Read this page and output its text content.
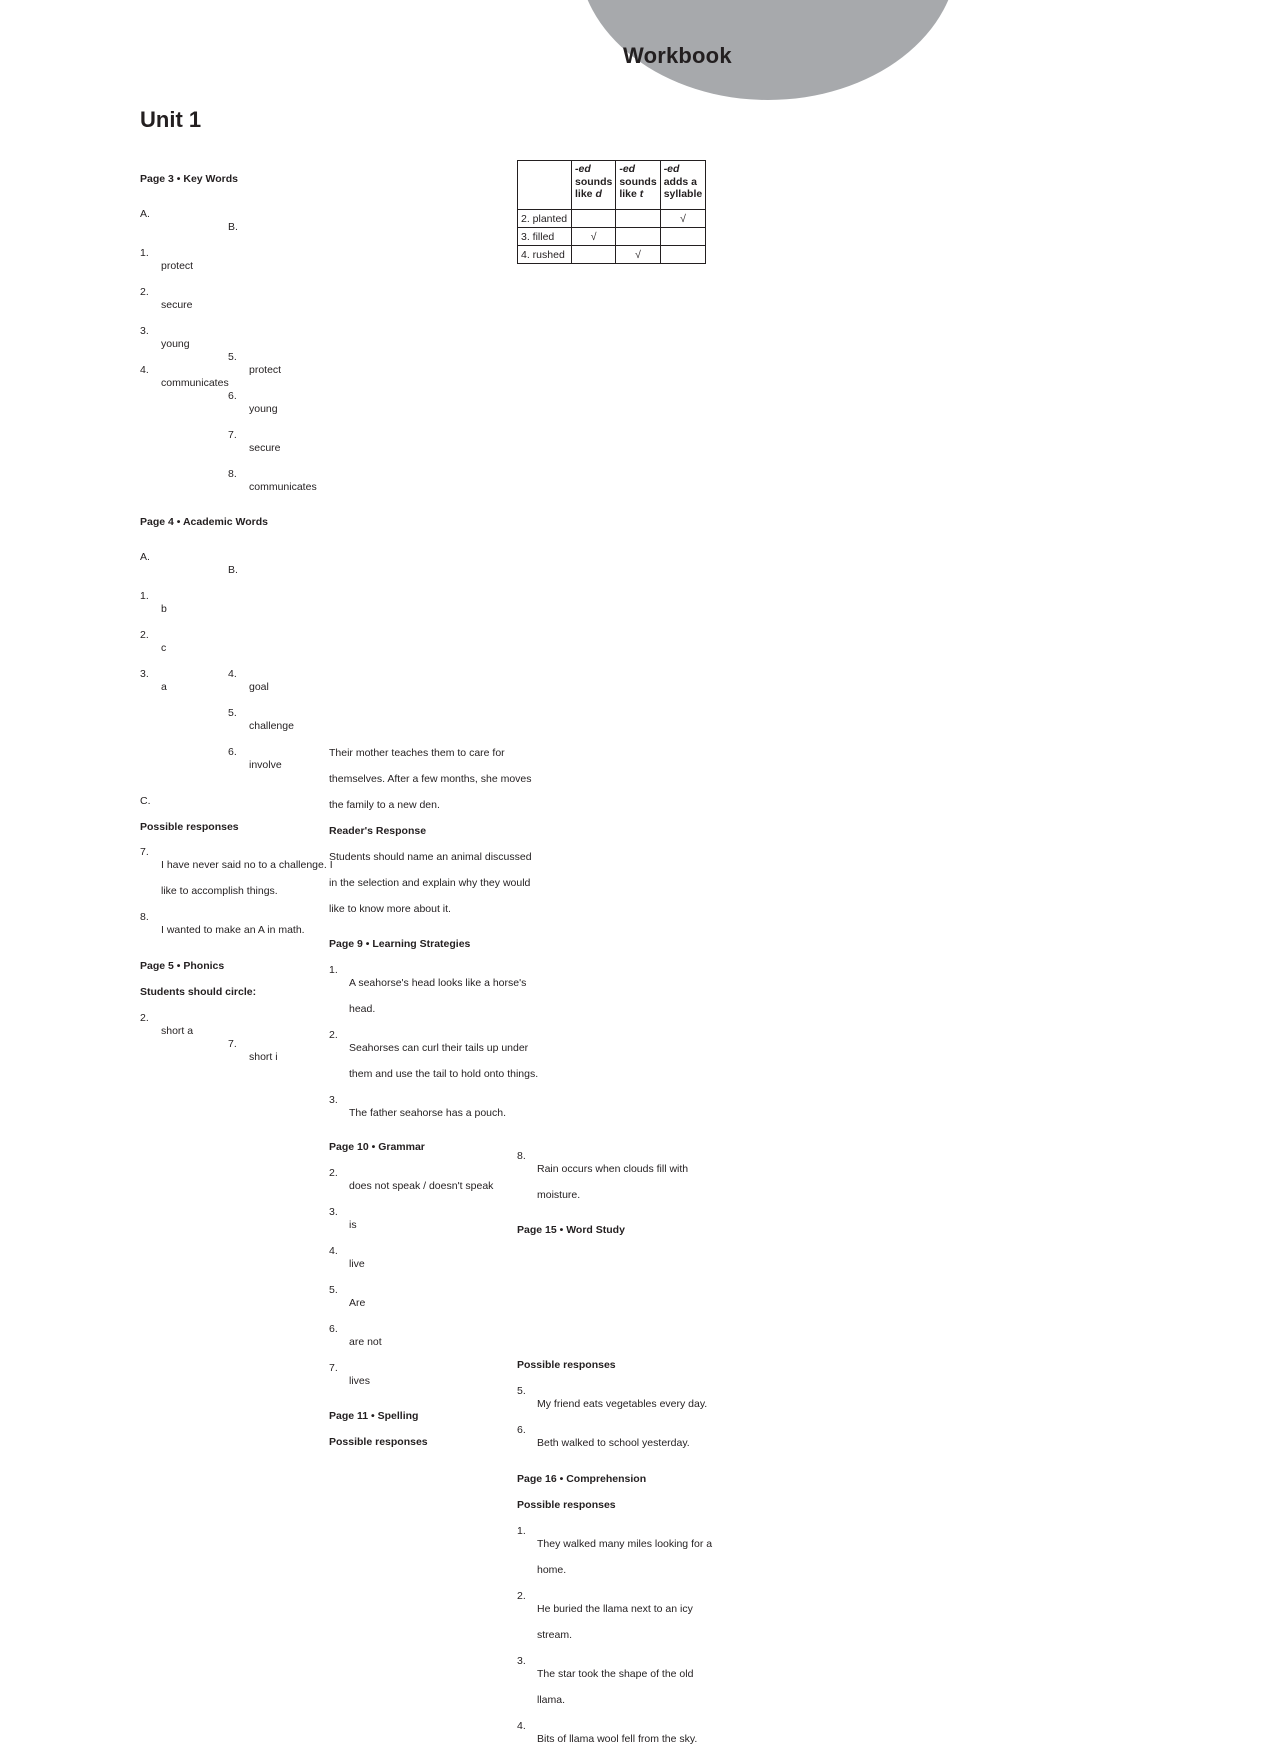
Workbook
Unit 1
Page 3 • Key Words
A.
B.
1.
protect
2.
secure
3.
young
4.
communicates
5.
protect
6.
young
7.
secure
8.
communicates
Page 4 • Academic Words
A.
B.
1.
b
2.
c
3.
a
4.
goal
5.
challenge
6.
involve
C.
Possible responses
7.
I have never said no to a challenge. I
like to accomplish things.
8.
I wanted to make an A in math.
Page 5 • Phonics
Students should circle:
2.
short a
7.
short i
Their mother teaches them to care for
themselves. After a few months, she moves
the family to a new den.
Reader's Response
Students should name an animal discussed
in the selection and explain why they would
like to know more about it.
Page 9 • Learning Strategies
1.
A seahorse's head looks like a horse's
head.
2.
Seahorses can curl their tails up under
them and use the tail to hold onto things.
3.
The father seahorse has a pouch.
Page 10 • Grammar
2.
does not speak / doesn't speak
3.
is
4.
live
5.
Are
6.
are not
7.
lives
Page 11 • Spelling
Possible responses
8.
Rain occurs when clouds fill with
moisture.
Page 15 • Word Study
	-ed
sounds
like d	-ed
sounds
like t	-ed
adds a
syllable
2. planted			√
3. filled	√		
4. rushed		√	
Possible responses
5.
My friend eats vegetables every day.
6.
Beth walked to school yesterday.
Page 16 • Comprehension
Possible responses
1.
They walked many miles looking for a
home.
2.
He buried the llama next to an icy
stream.
3.
The star took the shape of the old
llama.
4.
Bits of llama wool fell from the sky.
